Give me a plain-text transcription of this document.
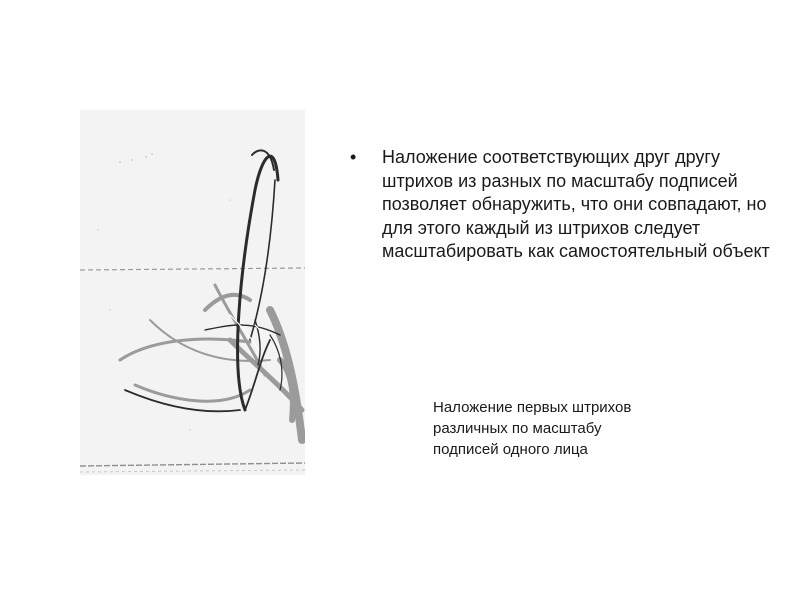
• Наложение соответствующих друг другу штрихов из разных по масштабу подписей позволяет обнаружить, что они совпадают, но для этого каждый из штрихов следует масштабировать как самостоятельный объект
Наложение первых штрихов
различных по масштабу
подписей одного лица
